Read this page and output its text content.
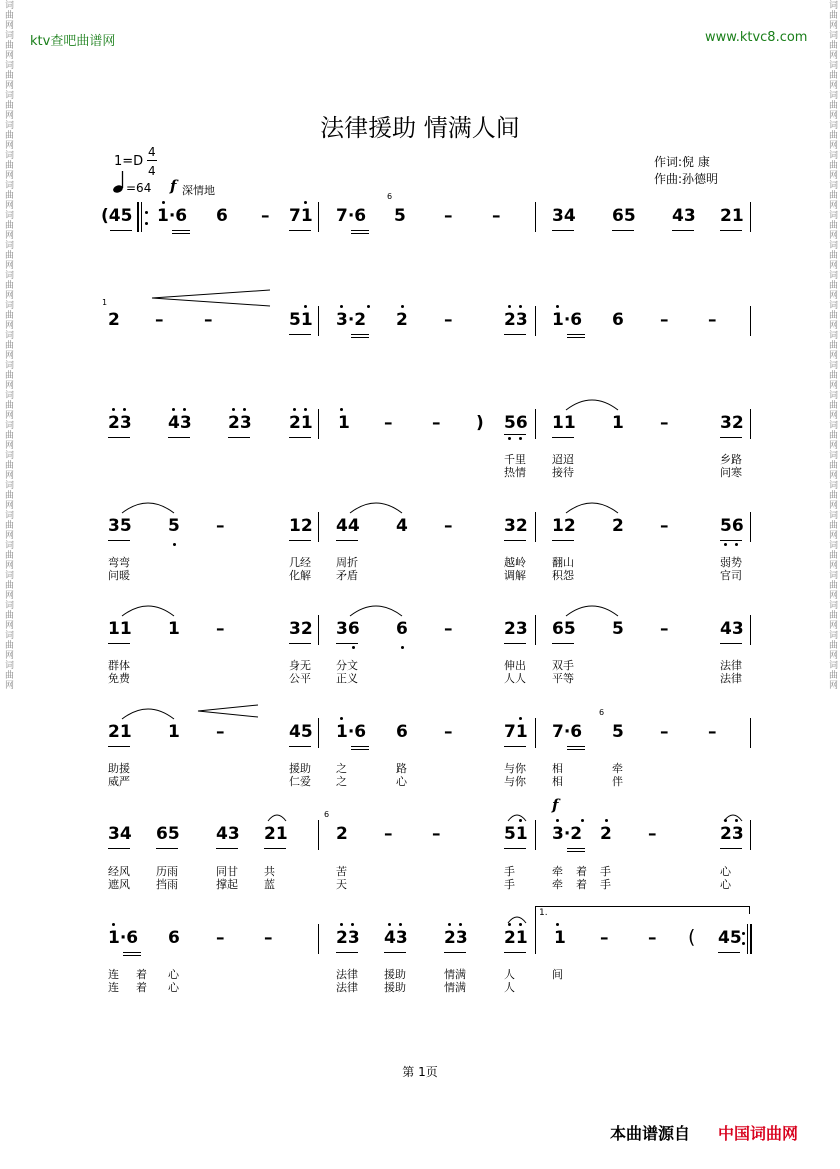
词曲网词曲网词曲网词曲网词曲网词曲网词曲网词曲网词曲网词曲网词曲网词曲网词曲网词曲网词曲网词曲网词曲网词曲网词曲网词曲网词曲网词曲网词曲网	词曲网词曲网词曲网词曲网词曲网词曲网词曲网词曲网词曲网词曲网词曲网词曲网词曲网词曲网词曲网词曲网词曲网词曲网词曲网词曲网词曲网词曲网词曲网
ktv查吧曲谱网	www.ktvc8.com
法律援助 情满人间
1=D
4
4
=64 f 深情地
作词:倪 康
作曲:孙德明
(45 1·6 6 – 71 7·6
6
5 – –	34 65 43 21
1
2 – –	51 3·2 2 –	23 1·6 6 – –
23 43 23 21 1 – – ) 56 11 1 –	32
千里 迢迢	乡路
热情 接待	问寒
35 5 –	12 44 4 –	32 12 2 –	56
弯弯	几经 周折	越岭 翻山	弱势
问暖	化解 矛盾	调解 积怨	官司
11 1 –	32 36 6 –	23 65 5 –	43
群体	身无 分文	伸出 双手	法律
免费	公平 正义	人人 平等	法律
21 1 –	45 1·6 6 –	71 7·6
6
5 – –
助援	援助 之	路	与你 相	牵
威严	仁爱 之	心	与你 相	伴
34 65 43 21
6
2 – –	51
f
3·2 2 –	23
经风 历雨	同甘 共	苦	手	牵 着 手	心
遮风 挡雨	撑起 蓝	天	手	牵 着 手	心
1·6 6 – –	23 43 23 21
1.
1 – – ( 45
连 着 心	法律 援助	情满	人	间
连 着 心	法律 援助	情满	人
第 1页
本曲谱源自 中国词曲网
